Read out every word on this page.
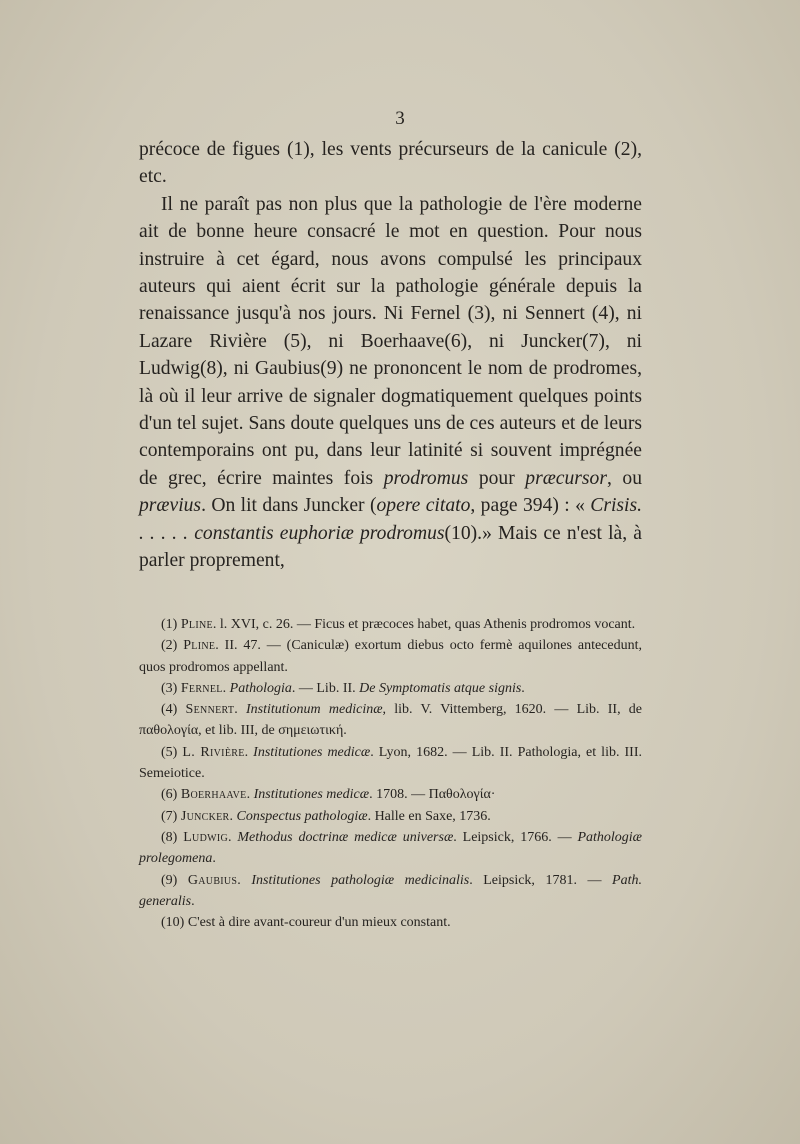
3

précoce de figues (1), les vents précurseurs de la canicule (2), etc.

Il ne paraît pas non plus que la pathologie de l'ère moderne ait de bonne heure consacré le mot en question. Pour nous instruire à cet égard, nous avons compulsé les principaux auteurs qui aient écrit sur la pathologie générale depuis la renaissance jusqu'à nos jours. Ni Fernel (3), ni Sennert (4), ni Lazare Rivière (5), ni Boerhaave(6), ni Juncker(7), ni Ludwig(8), ni Gaubius(9) ne prononcent le nom de prodromes, là où il leur arrive de signaler dogmatiquement quelques points d'un tel sujet. Sans doute quelques uns de ces auteurs et de leurs contemporains ont pu, dans leur latinité si souvent imprégnée de grec, écrire maintes fois prodromus pour præcursor, ou prævius. On lit dans Juncker (opere citato, page 394) : « Crisis. . . . . . constantis euphoriæ prodromus(10).» Mais ce n'est là, à parler proprement,

(1) Pline. l. XVI, c. 26. — Ficus et præcoces habet, quas Athenis prodromos vocant.

(2) Pline. II. 47. — (Caniculæ) exortum diebus octo fermè aquilones antecedunt, quos prodromos appellant.

(3) Fernel. Pathologia. — Lib. II. De Symptomatis atque signis.

(4) Sennert. Institutionum medicinæ, lib. V. Vittemberg, 1620. — Lib. II, de παθολογία, et lib. III, de σημειωτική.

(5) L. Rivière. Institutiones medicæ. Lyon, 1682. — Lib. II. Pathologia, et lib. III. Semeiotice.

(6) Boerhaave. Institutiones medicæ. 1708. — Παθολογία·

(7) Juncker. Conspectus pathologiæ. Halle en Saxe, 1736.

(8) Ludwig. Methodus doctrinæ medicæ universæ. Leipsick, 1766. — Pathologiæ prolegomena.

(9) Gaubius. Institutiones pathologiæ medicinalis. Leipsick, 1781. — Path. generalis.

(10) C'est à dire avant-coureur d'un mieux constant.
